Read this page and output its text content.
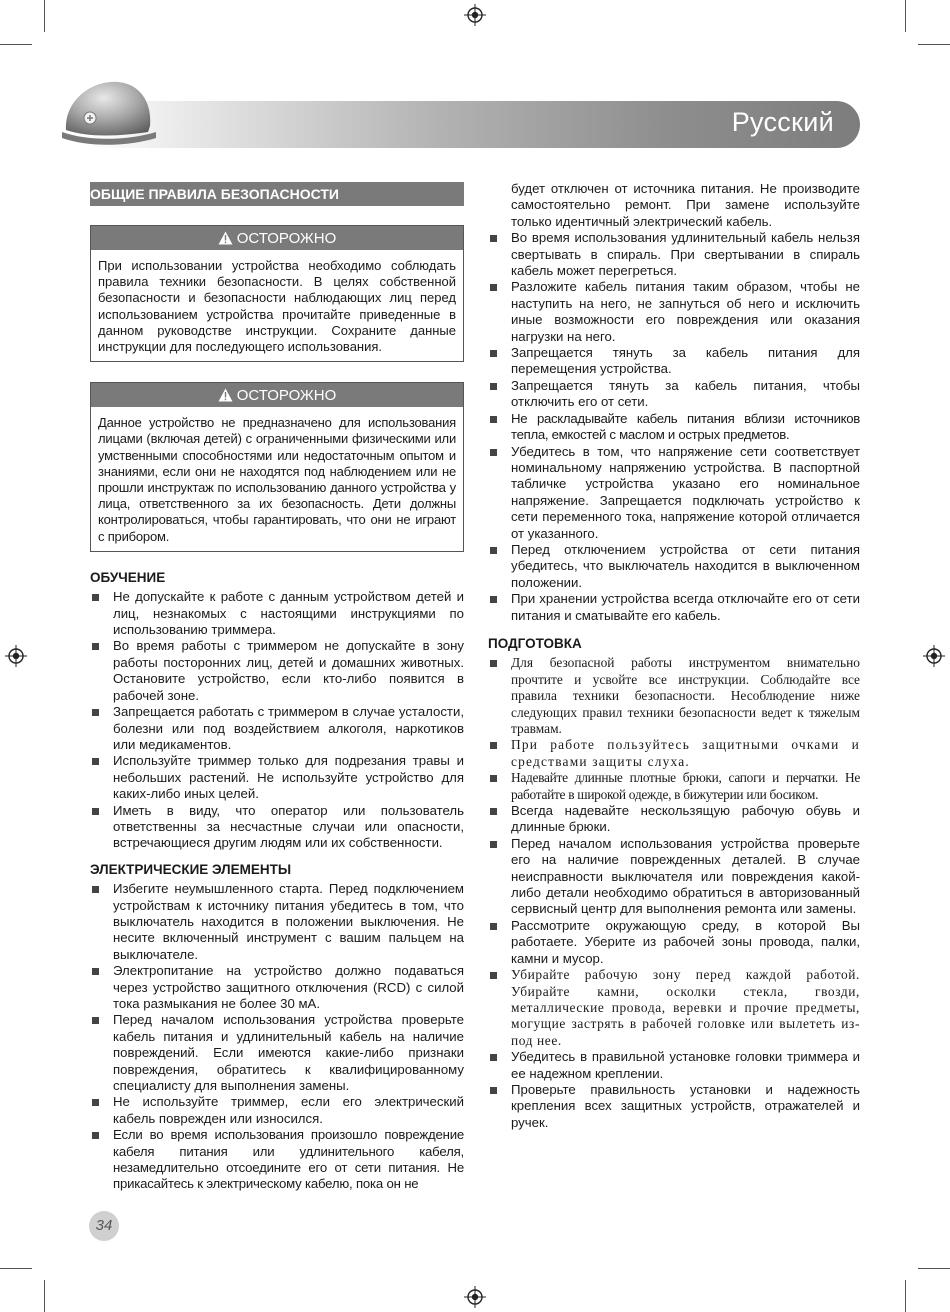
Русский
ОБЩИЕ ПРАВИЛА БЕЗОПАСНОСТИ
ОСТОРОЖНО
При использовании устройства необходимо соблюдать правила техники безопасности. В целях собственной безопасности и безопасности наблюдающих лиц перед использованием устройства прочитайте приведенные в данном руководстве инструкции. Сохраните данные инструкции для последующего использования.
ОСТОРОЖНО
Данное устройство не предназначено для использования лицами (включая детей) с ограниченными физическими или умственными способностями или недостаточным опытом и знаниями, если они не находятся под наблюдением или не прошли инструктаж по использованию данного устройства у лица, ответственного за их безопасность. Дети должны контролироваться, чтобы гарантировать, что они не играют с прибором.
ОБУЧЕНИЕ
Не допускайте к работе с данным устройством детей и лиц, незнакомых с настоящими инструкциями по использованию триммера.
Во время работы с триммером не допускайте в зону работы посторонних лиц, детей и домашних животных. Остановите устройство, если кто-либо появится в рабочей зоне.
Запрещается работать с триммером в случае усталости, болезни или под воздействием алкоголя, наркотиков или медикаментов.
Используйте триммер только для подрезания травы и небольших растений. Не используйте устройство для каких-либо иных целей.
Иметь в виду, что оператор или пользователь ответственны за несчастные случаи или опасности, встречающиеся другим людям или их собственности.
ЭЛЕКТРИЧЕСКИЕ ЭЛЕМЕНТЫ
Избегите неумышленного старта. Перед подключением устройствам к источнику питания убедитесь в том, что выключатель находится в положении выключения. Не несите включенный инструмент с вашим пальцем на выключателе.
Электропитание на устройство должно подаваться через устройство защитного отключения (RCD) с силой тока размыкания не более 30 мА.
Перед началом использования устройства проверьте кабель питания и удлинительный кабель на наличие повреждений. Если имеются какие-либо признаки повреждения, обратитесь к квалифицированному специалисту для выполнения замены.
Не используйте триммер, если его электрический кабель поврежден или износился.
Если во время использования произошло повреждение кабеля питания или удлинительного кабеля, незамедлительно отсоедините его от сети питания. Не прикасайтесь к электрическому кабелю, пока он не
будет отключен от источника питания. Не производите самостоятельно ремонт. При замене используйте только идентичный электрический кабель.
Во время использования удлинительный кабель нельзя свертывать в спираль. При свертывании в спираль кабель может перегреться.
Разложите кабель питания таким образом, чтобы не наступить на него, не запнуться об него и исключить иные возможности его повреждения или оказания нагрузки на него.
Запрещается тянуть за кабель питания для перемещения устройства.
Запрещается тянуть за кабель питания, чтобы отключить его от сети.
Не раскладывайте кабель питания вблизи источников тепла, емкостей с маслом и острых предметов.
Убедитесь в том, что напряжение сети соответствует номинальному напряжению устройства. В паспортной табличке устройства указано его номинальное напряжение. Запрещается подключать устройство к сети переменного тока, напряжение которой отличается от указанного.
Перед отключением устройства от сети питания убедитесь, что выключатель находится в выключенном положении.
При хранении устройства всегда отключайте его от сети питания и сматывайте его кабель.
ПОДГОТОВКА
Для безопасной работы инструментом внимательно прочтите и усвойте все инструкции. Соблюдайте все правила техники безопасности. Несоблюдение ниже следующих правил техники безопасности ведет к тяжелым травмам.
При работе пользуйтесь защитными очками и средствами защиты слуха.
Надевайте длинные плотные брюки, сапоги и перчатки. Не работайте в широкой одежде, в бижутерии или босиком.
Всегда надевайте нескользящую рабочую обувь и длинные брюки.
Перед началом использования устройства проверьте его на наличие поврежденных деталей. В случае неисправности выключателя или повреждения какой-либо детали необходимо обратиться в авторизованный сервисный центр для выполнения ремонта или замены.
Рассмотрите окружающую среду, в которой Вы работаете. Уберите из рабочей зоны провода, палки, камни и мусор.
Убирайте рабочую зону перед каждой работой. Убирайте камни, осколки стекла, гвозди, металлические провода, веревки и прочие предметы, могущие застрять в рабочей головке или вылететь из-под нее.
Убедитесь в правильной установке головки триммера и ее надежном креплении.
Проверьте правильность установки и надежность крепления всех защитных устройств, отражателей и ручек.
34
